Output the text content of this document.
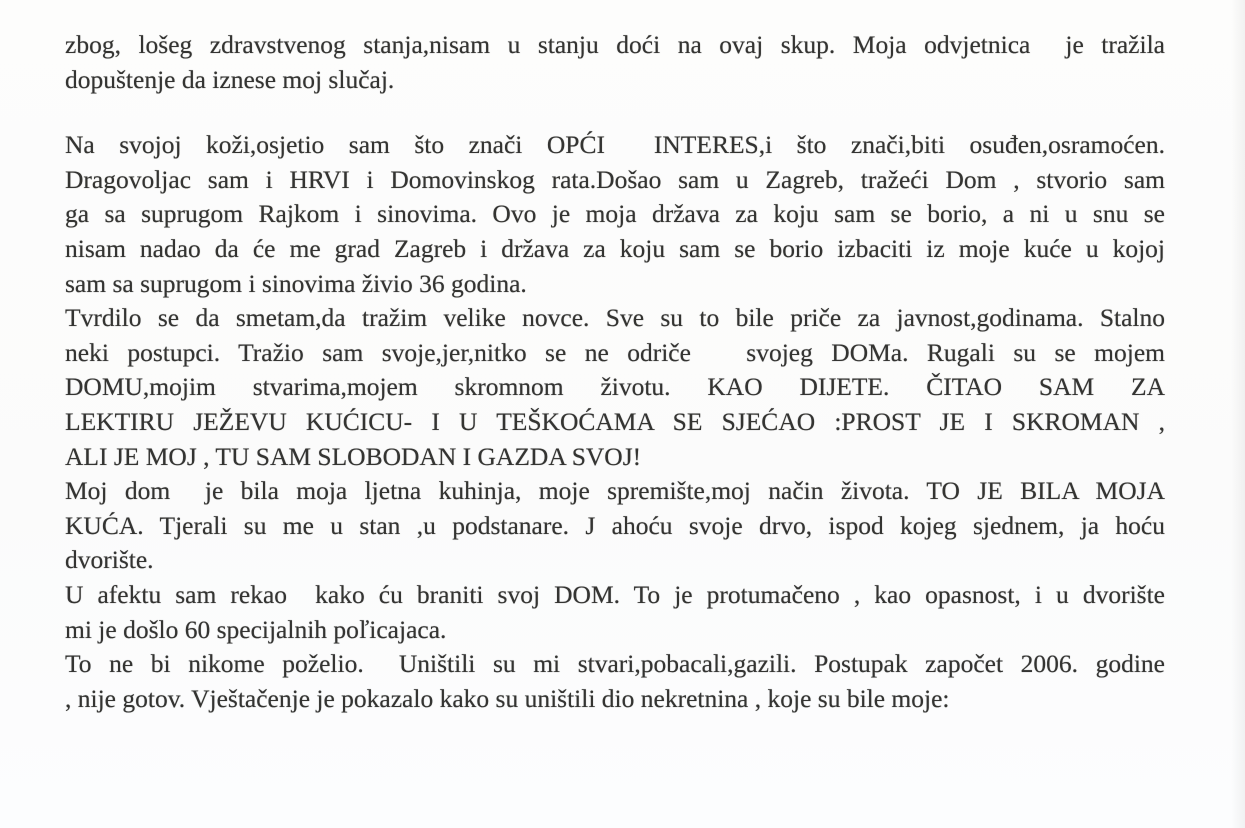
zbog, lošeg zdravstvenog stanja,nisam u stanju doći na ovaj skup. Moja odvjetnica  je tražila
dopuštenje da iznese moj slučaj.
Na svojoj koži,osjetio sam što znači OPĆI  INTERES,i što znači,biti osuđen,osramoćen.
Dragovoljac sam i HRVI i Domovinskog rata.Došao sam u Zagreb, tražeći Dom , stvorio sam
ga sa suprugom Rajkom i sinovima. Ovo je moja država za koju sam se borio, a ni u snu se
nisam nadao da će me grad Zagreb i država za koju sam se borio izbaciti iz moje kuće u kojoj
sam sa suprugom i sinovima živio 36 godina.
Tvrdilo se da smetam,da tražim velike novce. Sve su to bile priče za javnost,godinama. Stalno
neki postupci. Tražio sam svoje,jer,nitko se ne odriče   svojeg DOMa. Rugali su se mojem
DOMU,mojim stvarima,mojem skromnom životu. KAO DIJETE. ČITAO SAM ZA
LEKTIRU JEŽEVU KUĆICU- I U TEŠKOĆAMA SE SJEĆAO :PROST JE I SKROMAN ,
ALI JE MOJ , TU SAM SLOBODAN I GAZDA SVOJ!
Moj dom  je bila moja ljetna kuhinja, moje spremište,moj način života. TO JE BILA MOJA
KUĆA. Tjerali su me u stan ,u podstanare. J ahoću svoje drvo, ispod kojeg sjednem, ja hoću
dvorište.
U afektu sam rekao  kako ću braniti svoj DOM. To je protumačeno , kao opasnost, i u dvorište
mi je došlo 60 specijalnih poľicajaca.
To ne bi nikome poželio.  Uništili su mi stvari,pobacali,gazili. Postupak započet 2006. godine
, nije gotov. Vještačenje je pokazalo kako su uništili dio nekretnina , koje su bile moje:
